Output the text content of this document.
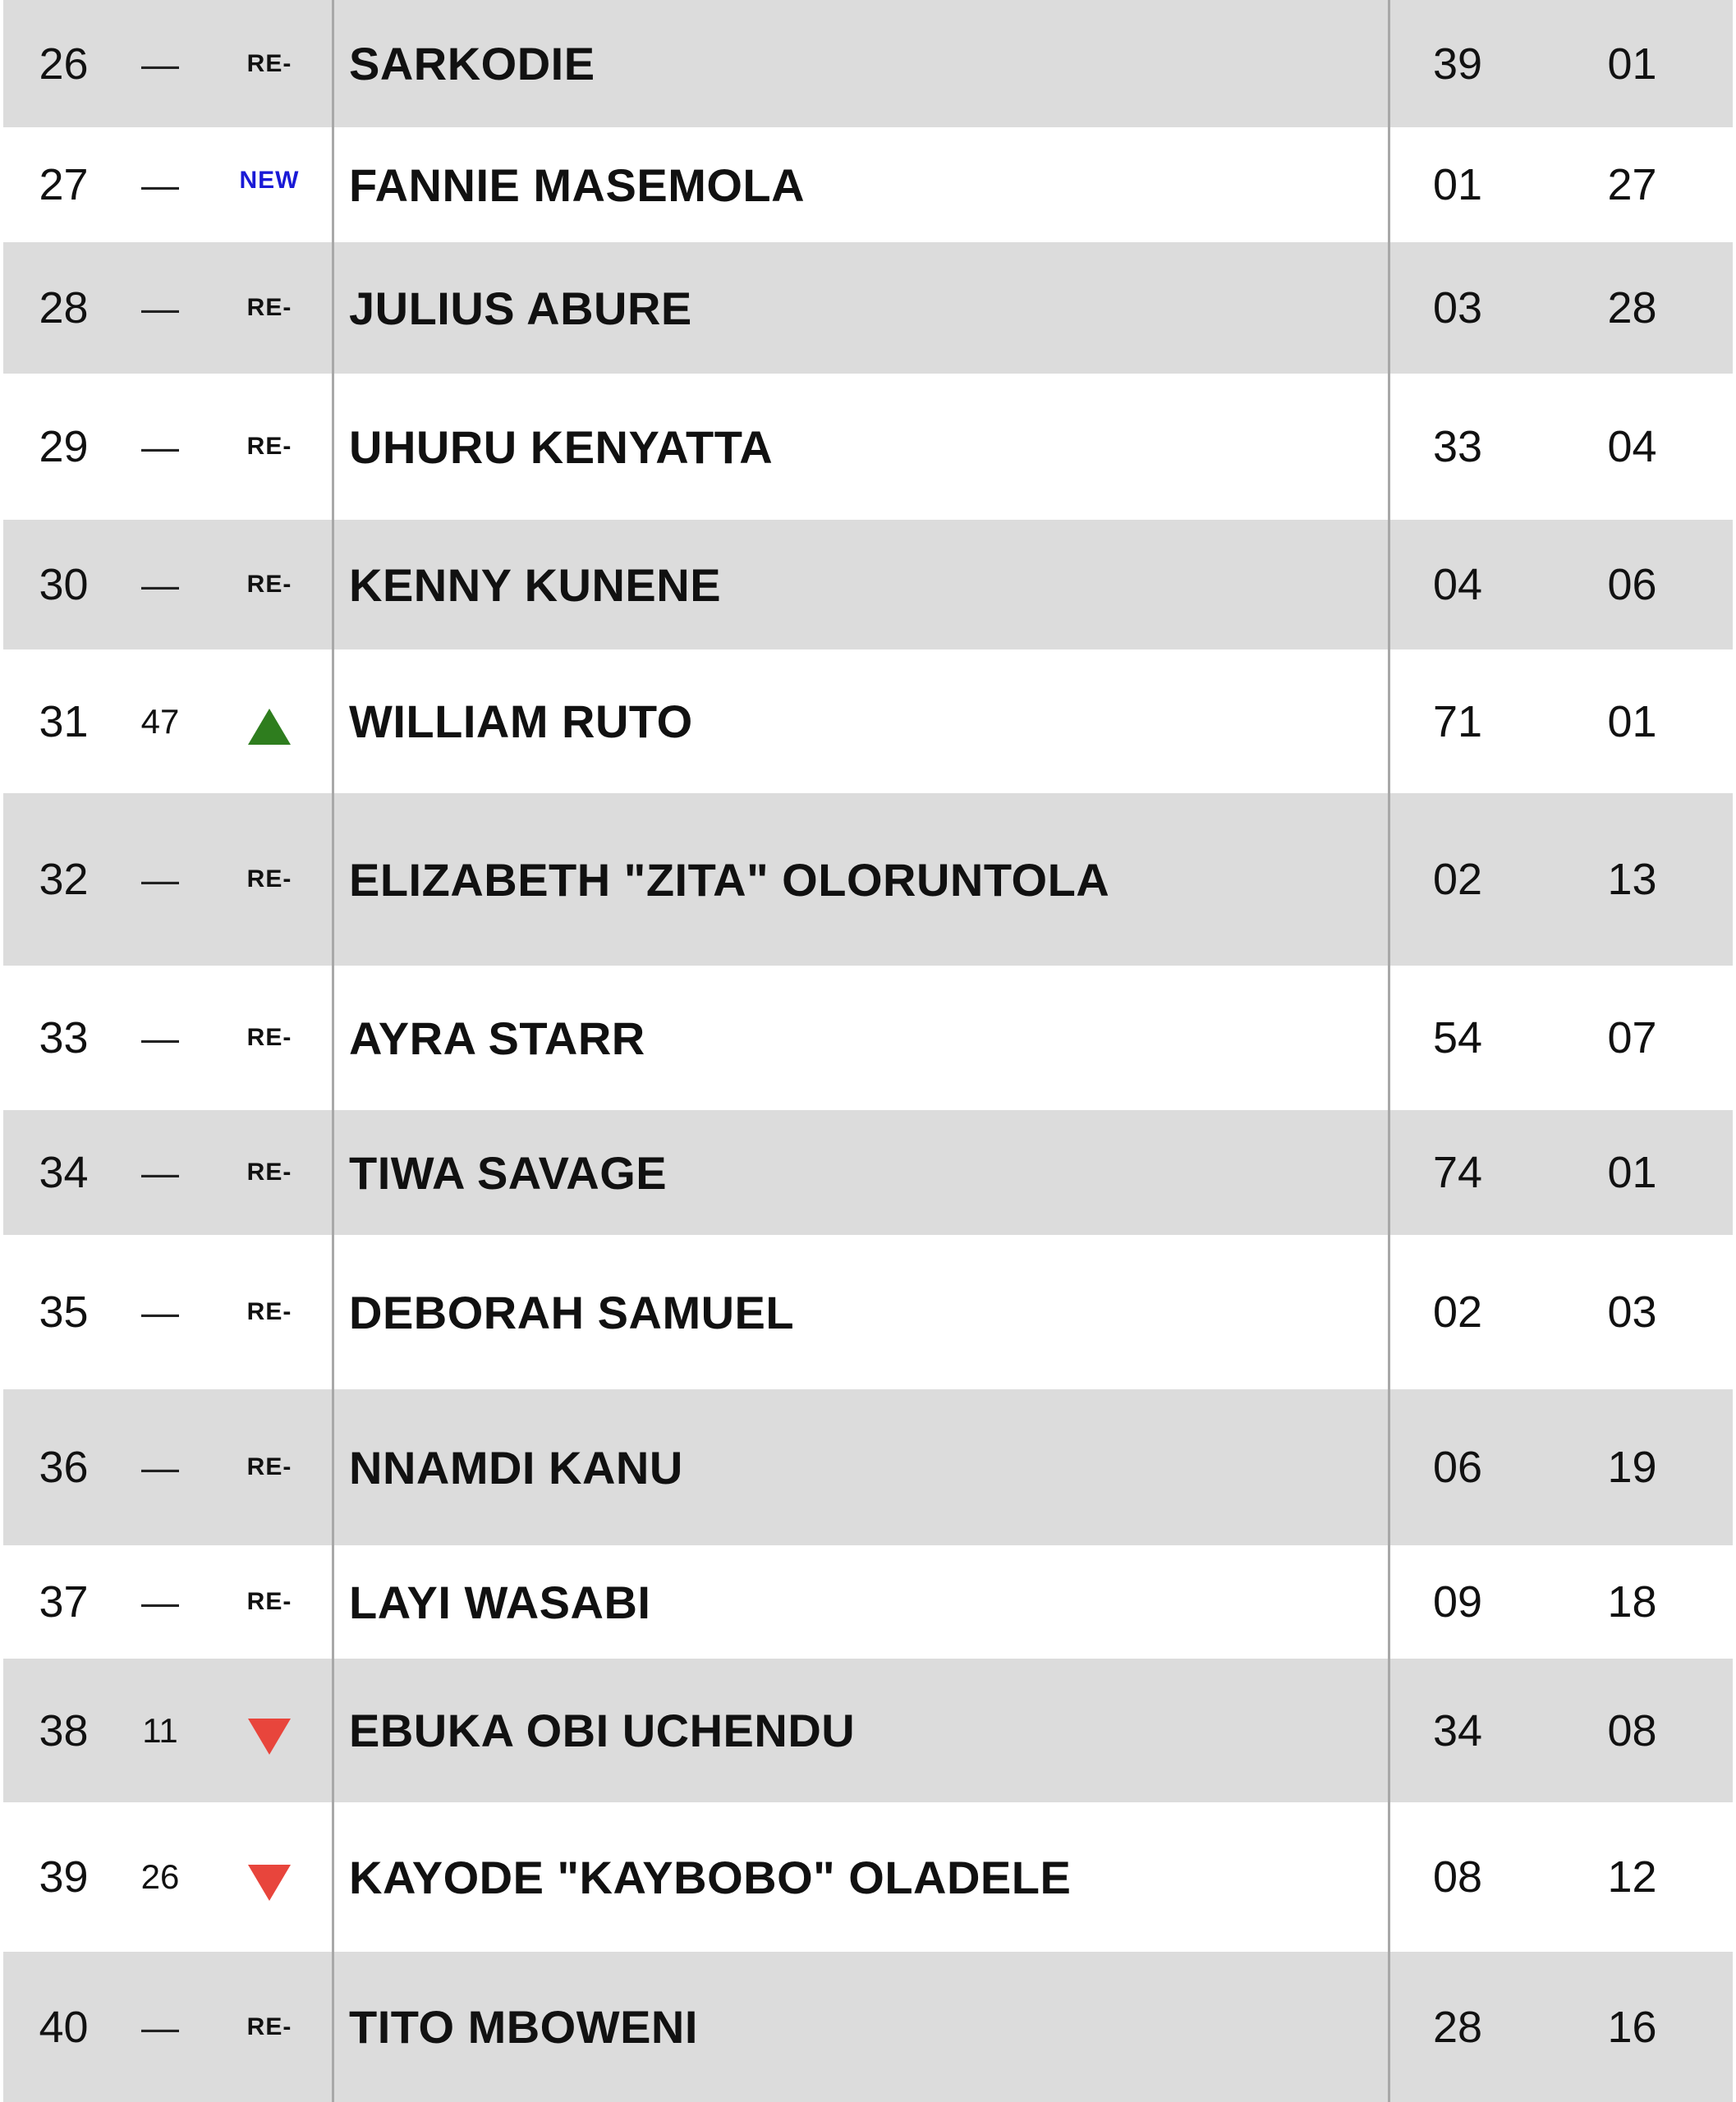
26	—	RE- SARKODIE	39	01
27	—	NEW FANNIE MASEMOLA	01	27
28	—	RE- JULIUS ABURE	03	28
29	—	RE- UHURU KENYATTA	33	04
30	—	RE- KENNY KUNENE	04	06
31	47	WILLIAM RUTO	71	01
32	—	RE- ELIZABETH "ZITA" OLORUNTOLA	02	13
33	—	RE- AYRA STARR	54	07
34	—	RE- TIWA SAVAGE	74	01
35	—	RE- DEBORAH SAMUEL	02	03
36	—	RE- NNAMDI KANU	06	19
37	—	RE- LAYI WASABI	09	18
38	11	EBUKA OBI UCHENDU	34	08
39	26	KAYODE "KAYBOBO" OLADELE	08	12
40	—	RE- TITO MBOWENI	28	16
